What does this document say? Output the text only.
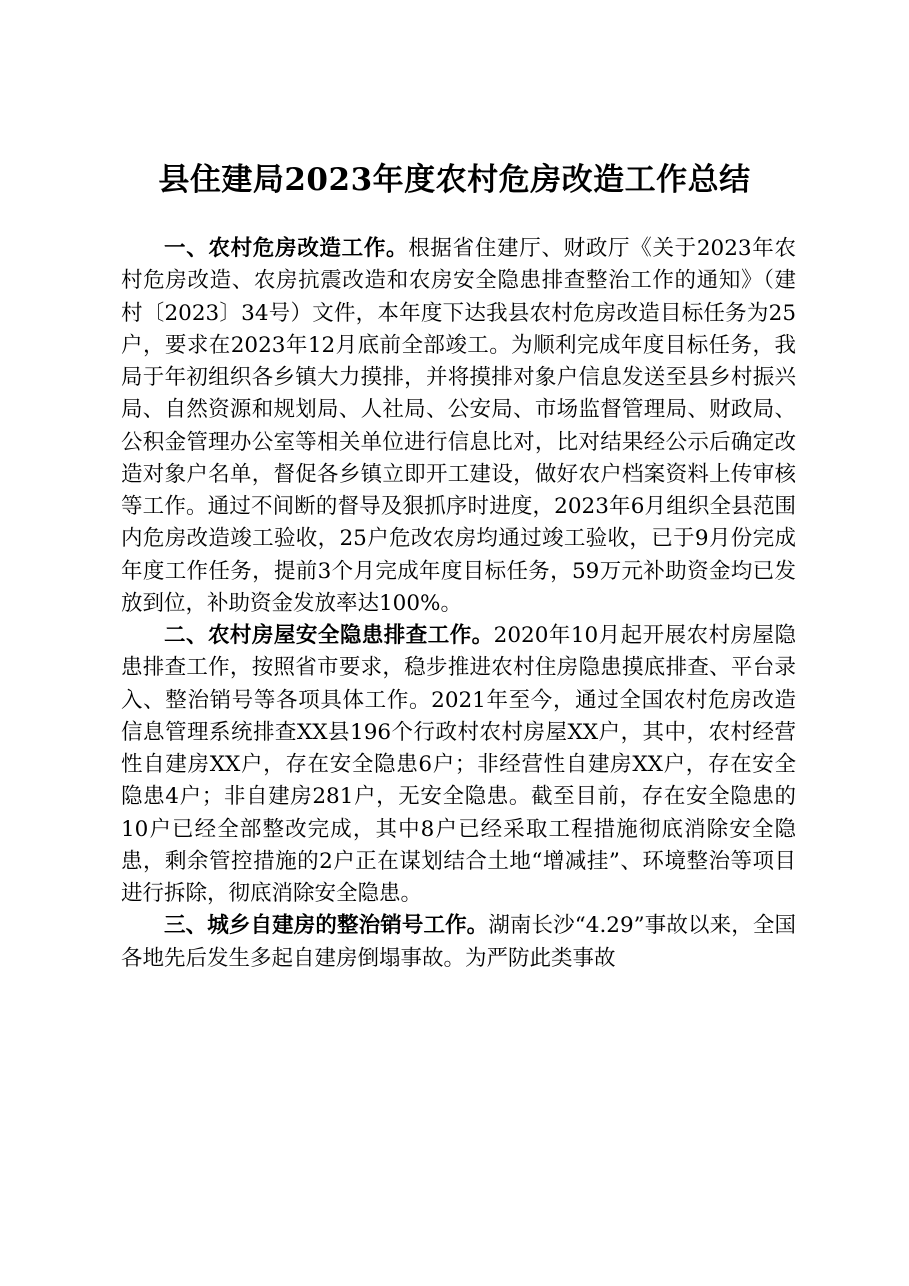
县住建局2023年度农村危房改造工作总结

一、农村危房改造工作。根据省住建厅、财政厅《关于2023年农村危房改造、农房抗震改造和农房安全隐患排查整治工作的通知》（建村〔2023〕34号）文件，本年度下达我县农村危房改造目标任务为25户，要求在2023年12月底前全部竣工。为顺利完成年度目标任务，我局于年初组织各乡镇大力摸排，并将摸排对象户信息发送至县乡村振兴局、自然资源和规划局、人社局、公安局、市场监督管理局、财政局、公积金管理办公室等相关单位进行信息比对，比对结果经公示后确定改造对象户名单，督促各乡镇立即开工建设，做好农户档案资料上传审核等工作。通过不间断的督导及狠抓序时进度，2023年6月组织全县范围内危房改造竣工验收，25户危改农房均通过竣工验收，已于9月份完成年度工作任务，提前3个月完成年度目标任务，59万元补助资金均已发放到位，补助资金发放率达100%。

二、农村房屋安全隐患排查工作。2020年10月起开展农村房屋隐患排查工作，按照省市要求，稳步推进农村住房隐患摸底排查、平台录入、整治销号等各项具体工作。2021年至今，通过全国农村危房改造信息管理系统排查XX县196个行政村农村房屋XX户，其中，农村经营性自建房XX户，存在安全隐患6户；非经营性自建房XX户，存在安全隐患4户；非自建房281户，无安全隐患。截至目前，存在安全隐患的10户已经全部整改完成，其中8户已经采取工程措施彻底消除安全隐患，剩余管控措施的2户正在谋划结合土地“增减挂”、环境整治等项目进行拆除，彻底消除安全隐患。

三、城乡自建房的整治销号工作。湖南长沙“4.29”事故以来，全国各地先后发生多起自建房倒塌事故。为严防此类事故
